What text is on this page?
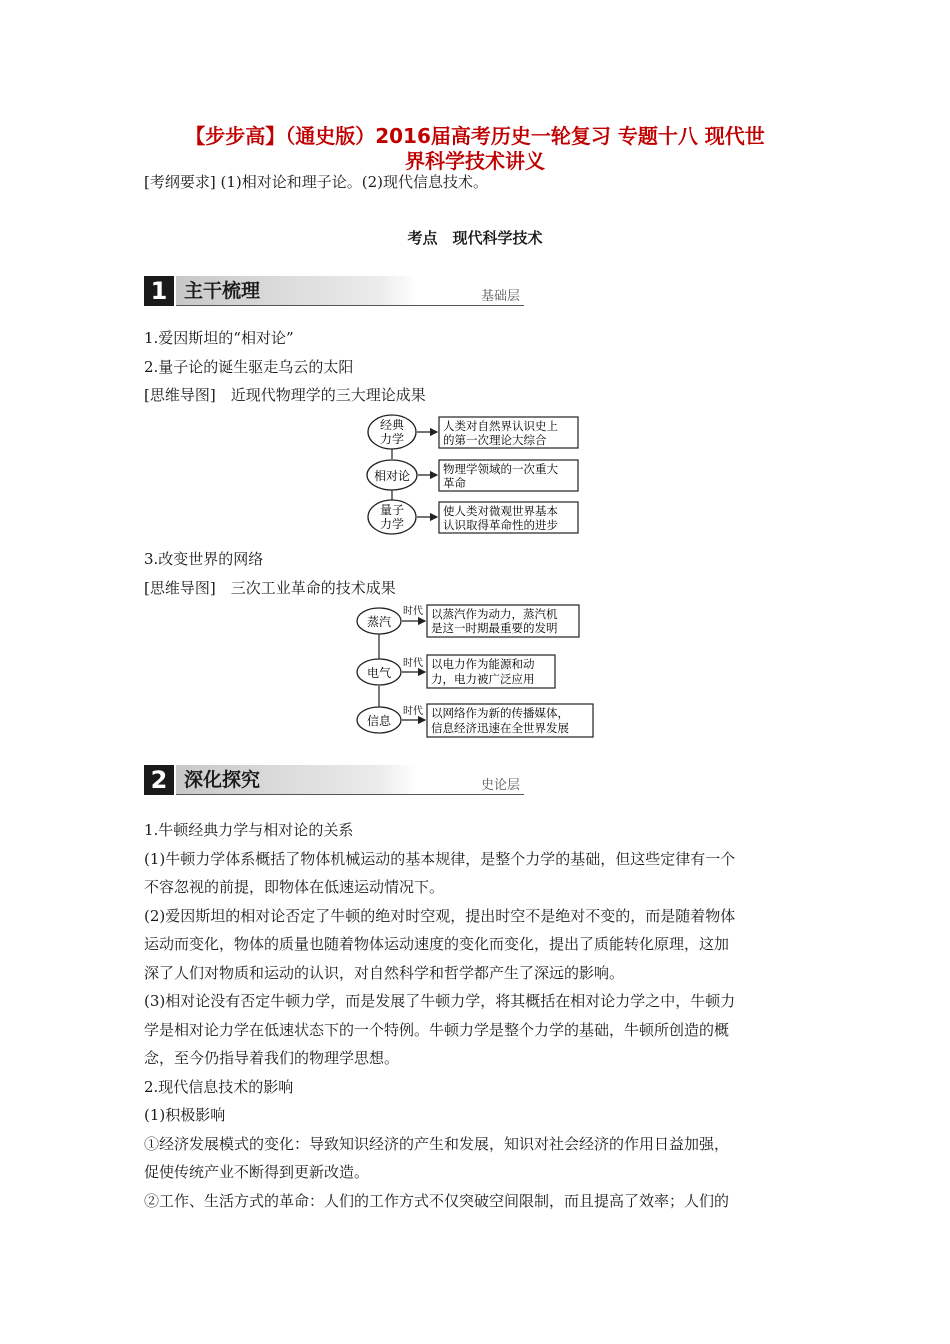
【步步高】（通史版）2016届高考历史一轮复习 专题十八 现代世
界科学技术讲义
[考纲要求] (1)相对论和理子论。(2)现代信息技术。
考点　现代科学技术
1 主干梳理	基础层
1.爱因斯坦的“相对论”
2.量子论的诞生驱走乌云的太阳
[思维导图]　近现代物理学的三大理论成果
经典
力学
相对论
量子
力学
人类对自然界认识史上
的第一次理论大综合
物理学领域的一次重大
革命
使人类对微观世界基本
认识取得革命性的进步
3.改变世界的网络
[思维导图]　三次工业革命的技术成果
蒸汽
电气
信息
时代
时代
时代
以蒸汽作为动力，蒸汽机
是这一时期最重要的发明
以电力作为能源和动
力，电力被广泛应用
以网络作为新的传播媒体，
信息经济迅速在全世界发展
2 深化探究	史论层
1.牛顿经典力学与相对论的关系
(1)牛顿力学体系概括了物体机械运动的基本规律，是整个力学的基础，但这些定律有一个
不容忽视的前提，即物体在低速运动情况下。
(2)爱因斯坦的相对论否定了牛顿的绝对时空观，提出时空不是绝对不变的，而是随着物体
运动而变化，物体的质量也随着物体运动速度的变化而变化，提出了质能转化原理，这加
深了人们对物质和运动的认识，对自然科学和哲学都产生了深远的影响。
(3)相对论没有否定牛顿力学，而是发展了牛顿力学，将其概括在相对论力学之中，牛顿力
学是相对论力学在低速状态下的一个特例。牛顿力学是整个力学的基础，牛顿所创造的概
念，至今仍指导着我们的物理学思想。
2.现代信息技术的影响
(1)积极影响
①经济发展模式的变化：导致知识经济的产生和发展，知识对社会经济的作用日益加强，
促使传统产业不断得到更新改造。
②工作、生活方式的革命：人们的工作方式不仅突破空间限制，而且提高了效率；人们的
